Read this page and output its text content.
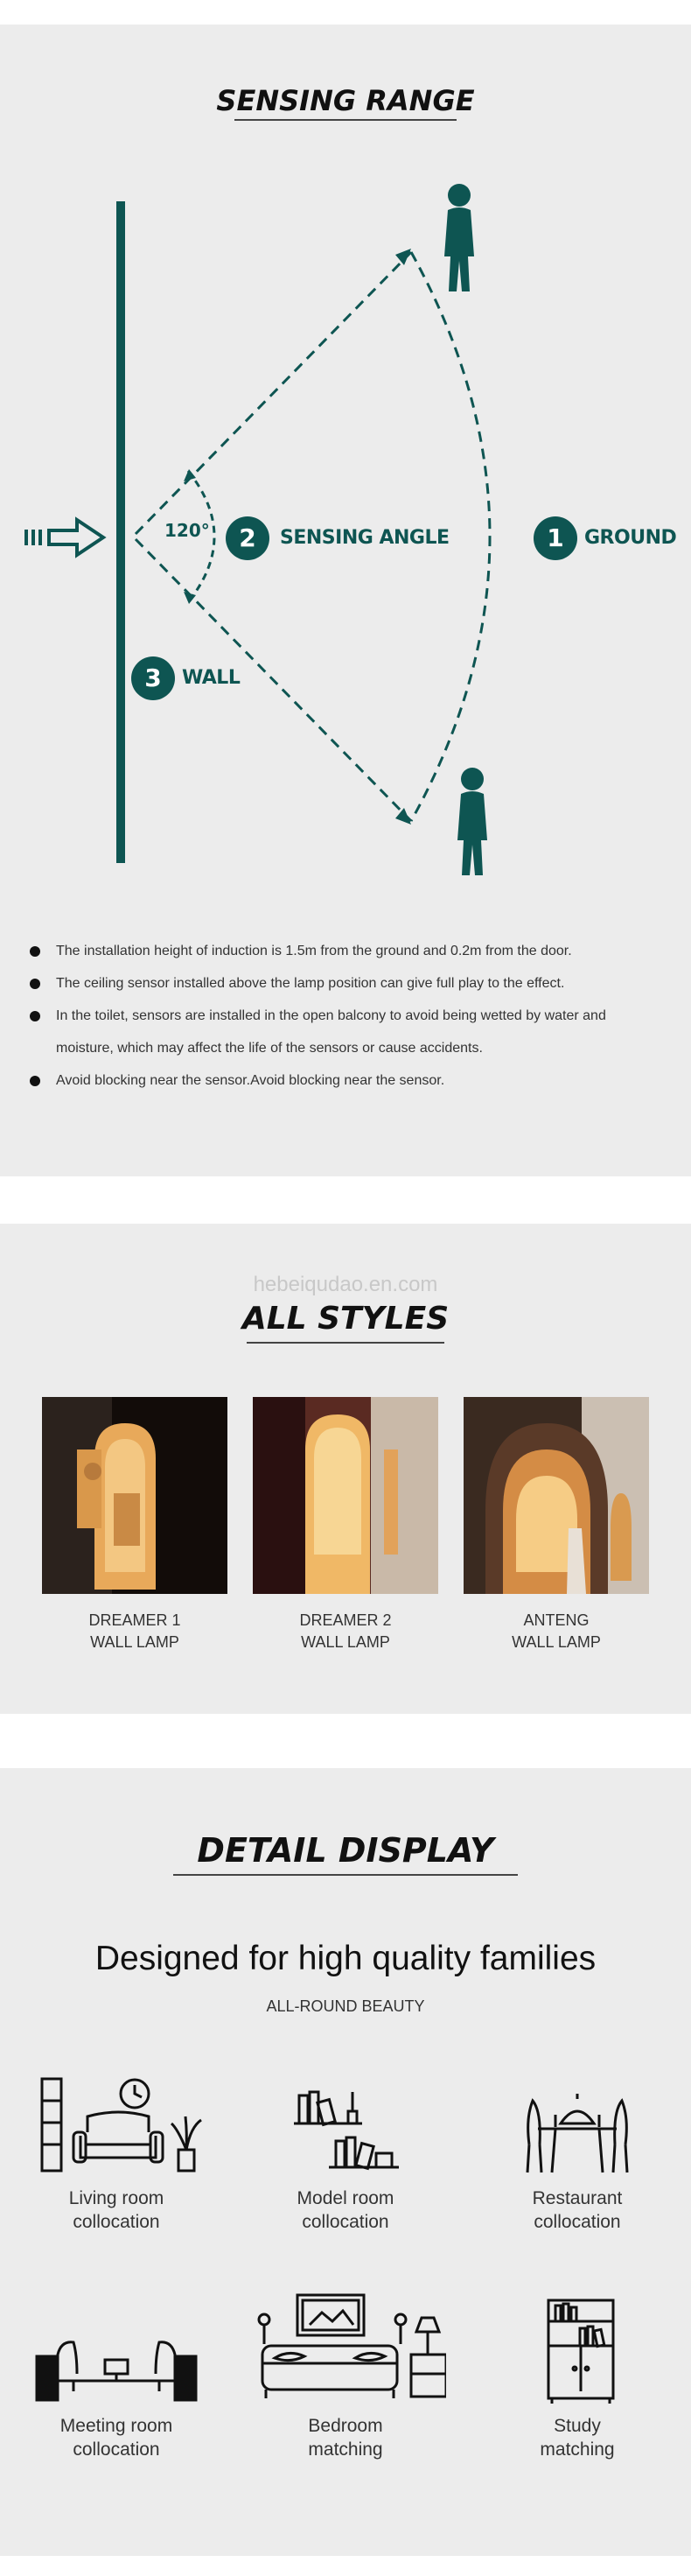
SENSING RANGE
120°	2	SENSING ANGLE	1	GROUND
3	WALL
The installation height of induction is 1.5m from the ground and 0.2m from the door.
The ceiling sensor installed above the lamp position can give full play to the effect.
In the toilet, sensors are installed in the open balcony to avoid being wetted by water and moisture, which may affect the life of the sensors or cause accidents.
Avoid blocking near the sensor.Avoid blocking near the sensor.
hebeiqudao.en.com
ALL STYLES
DREAMER 1
WALL LAMP
DREAMER 2
WALL LAMP
ANTENG
WALL LAMP
DETAIL DISPLAY
Designed for high quality families
ALL-ROUND BEAUTY
Living room
collocation
Model room
collocation
Restaurant
collocation
Meeting room
collocation
Bedroom
matching
Study
matching
